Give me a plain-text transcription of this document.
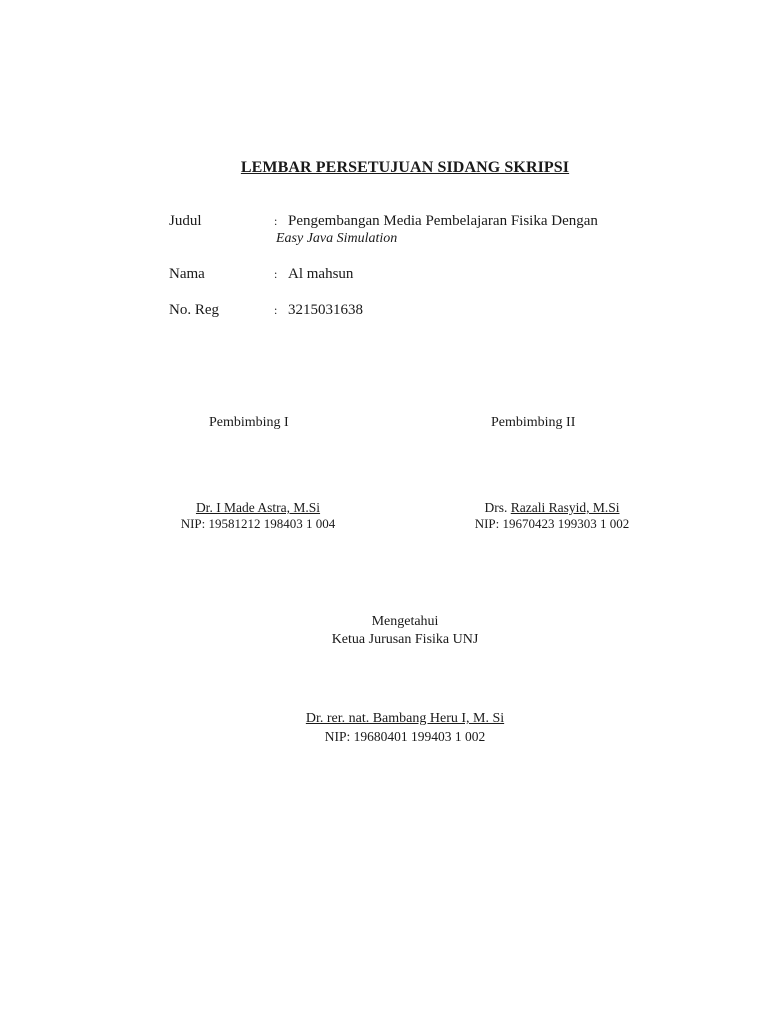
LEMBAR PERSETUJUAN SIDANG SKRIPSI
Judul	: Pengembangan Media Pembelajaran Fisika Dengan
Easy Java Simulation
Nama	: Al mahsun
No. Reg	: 3215031638
Pembimbing I	Pembimbing II
Dr. I Made Astra, M.Si
NIP: 19581212 198403 1 004
Drs. Razali Rasyid, M.Si
NIP: 19670423 199303 1 002
Mengetahui
Ketua Jurusan Fisika UNJ
Dr. rer. nat. Bambang Heru I, M. Si
NIP: 19680401 199403 1 002
